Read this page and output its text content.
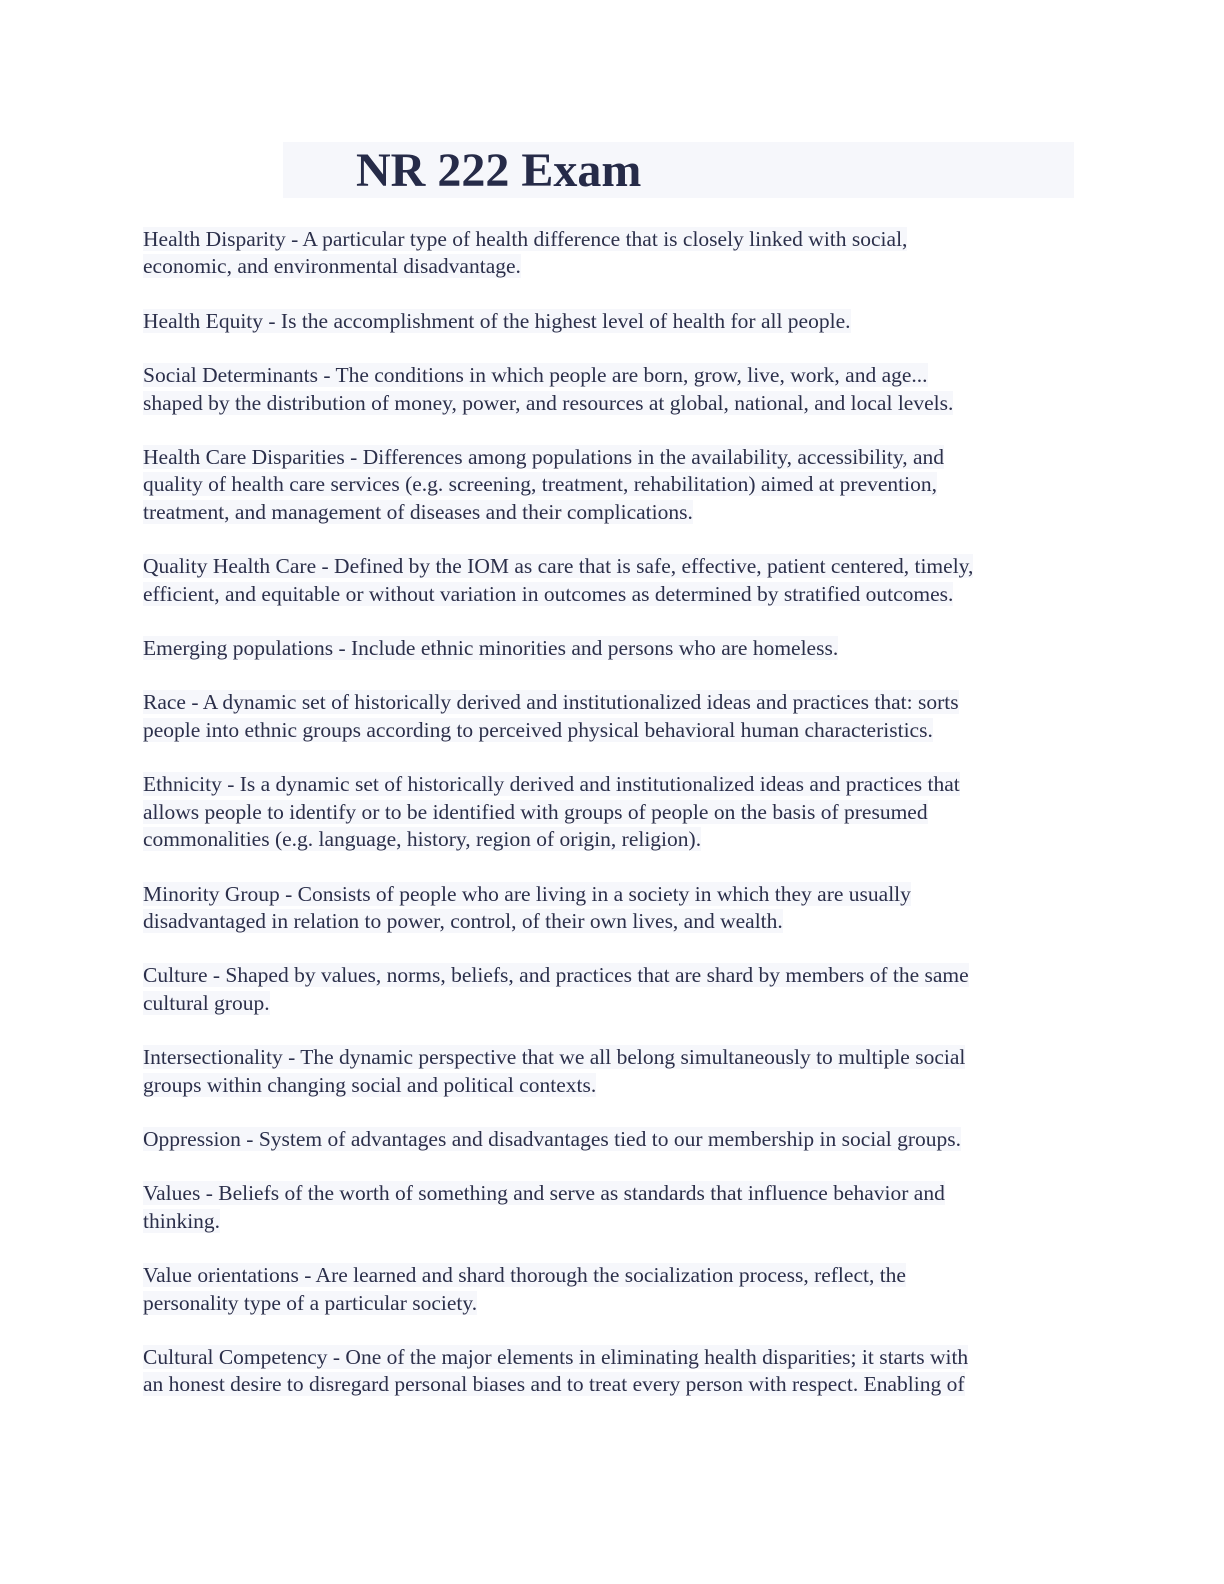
NR 222 Exam

Health Disparity - A particular type of health difference that is closely linked with social,
economic, and environmental disadvantage.

Health Equity - Is the accomplishment of the highest level of health for all people.

Social Determinants - The conditions in which people are born, grow, live, work, and age...
shaped by the distribution of money, power, and resources at global, national, and local levels.

Health Care Disparities - Differences among populations in the availability, accessibility, and
quality of health care services (e.g. screening, treatment, rehabilitation) aimed at prevention,
treatment, and management of diseases and their complications.

Quality Health Care - Defined by the IOM as care that is safe, effective, patient centered, timely,
efficient, and equitable or without variation in outcomes as determined by stratified outcomes.

Emerging populations - Include ethnic minorities and persons who are homeless.

Race - A dynamic set of historically derived and institutionalized ideas and practices that: sorts
people into ethnic groups according to perceived physical behavioral human characteristics.

Ethnicity - Is a dynamic set of historically derived and institutionalized ideas and practices that
allows people to identify or to be identified with groups of people on the basis of presumed
commonalities (e.g. language, history, region of origin, religion).

Minority Group - Consists of people who are living in a society in which they are usually
disadvantaged in relation to power, control, of their own lives, and wealth.

Culture - Shaped by values, norms, beliefs, and practices that are shard by members of the same
cultural group.

Intersectionality - The dynamic perspective that we all belong simultaneously to multiple social
groups within changing social and political contexts.

Oppression - System of advantages and disadvantages tied to our membership in social groups.

Values - Beliefs of the worth of something and serve as standards that influence behavior and
thinking.

Value orientations - Are learned and shard thorough the socialization process, reflect, the
personality type of a particular society.

Cultural Competency - One of the major elements in eliminating health disparities; it starts with
an honest desire to disregard personal biases and to treat every person with respect. Enabling of
